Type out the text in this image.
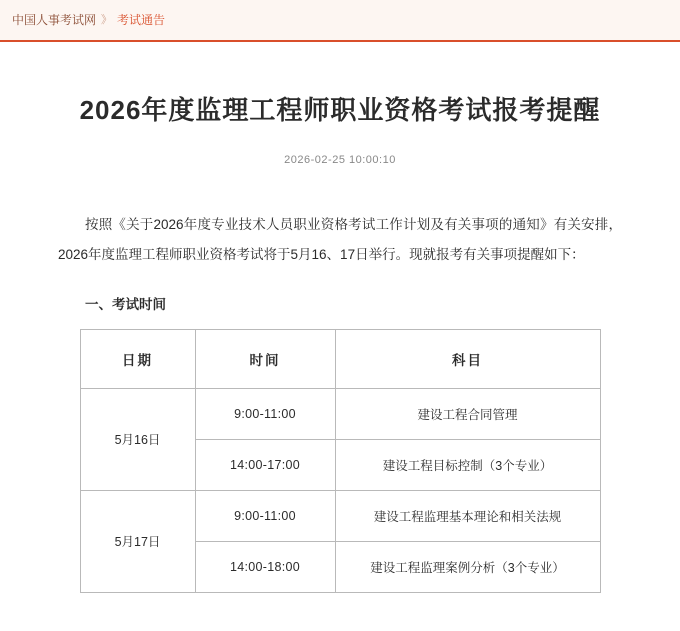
中国人事考试网 》 考试通告
2026年度监理工程师职业资格考试报考提醒
2026-02-25 10:00:10

按照《关于2026年度专业技术人员职业资格考试工作计划及有关事项的通知》有关安排，2026年度监理工程师职业资格考试将于5月16、17日举行。现就报考有关事项提醒如下：

一、考试时间
日期	时间	科目
5月16日	9:00-11:00	建设工程合同管理
	14:00-17:00	建设工程目标控制（3个专业）
5月17日	9:00-11:00	建设工程监理基本理论和相关法规
	14:00-18:00	建设工程监理案例分析（3个专业）
